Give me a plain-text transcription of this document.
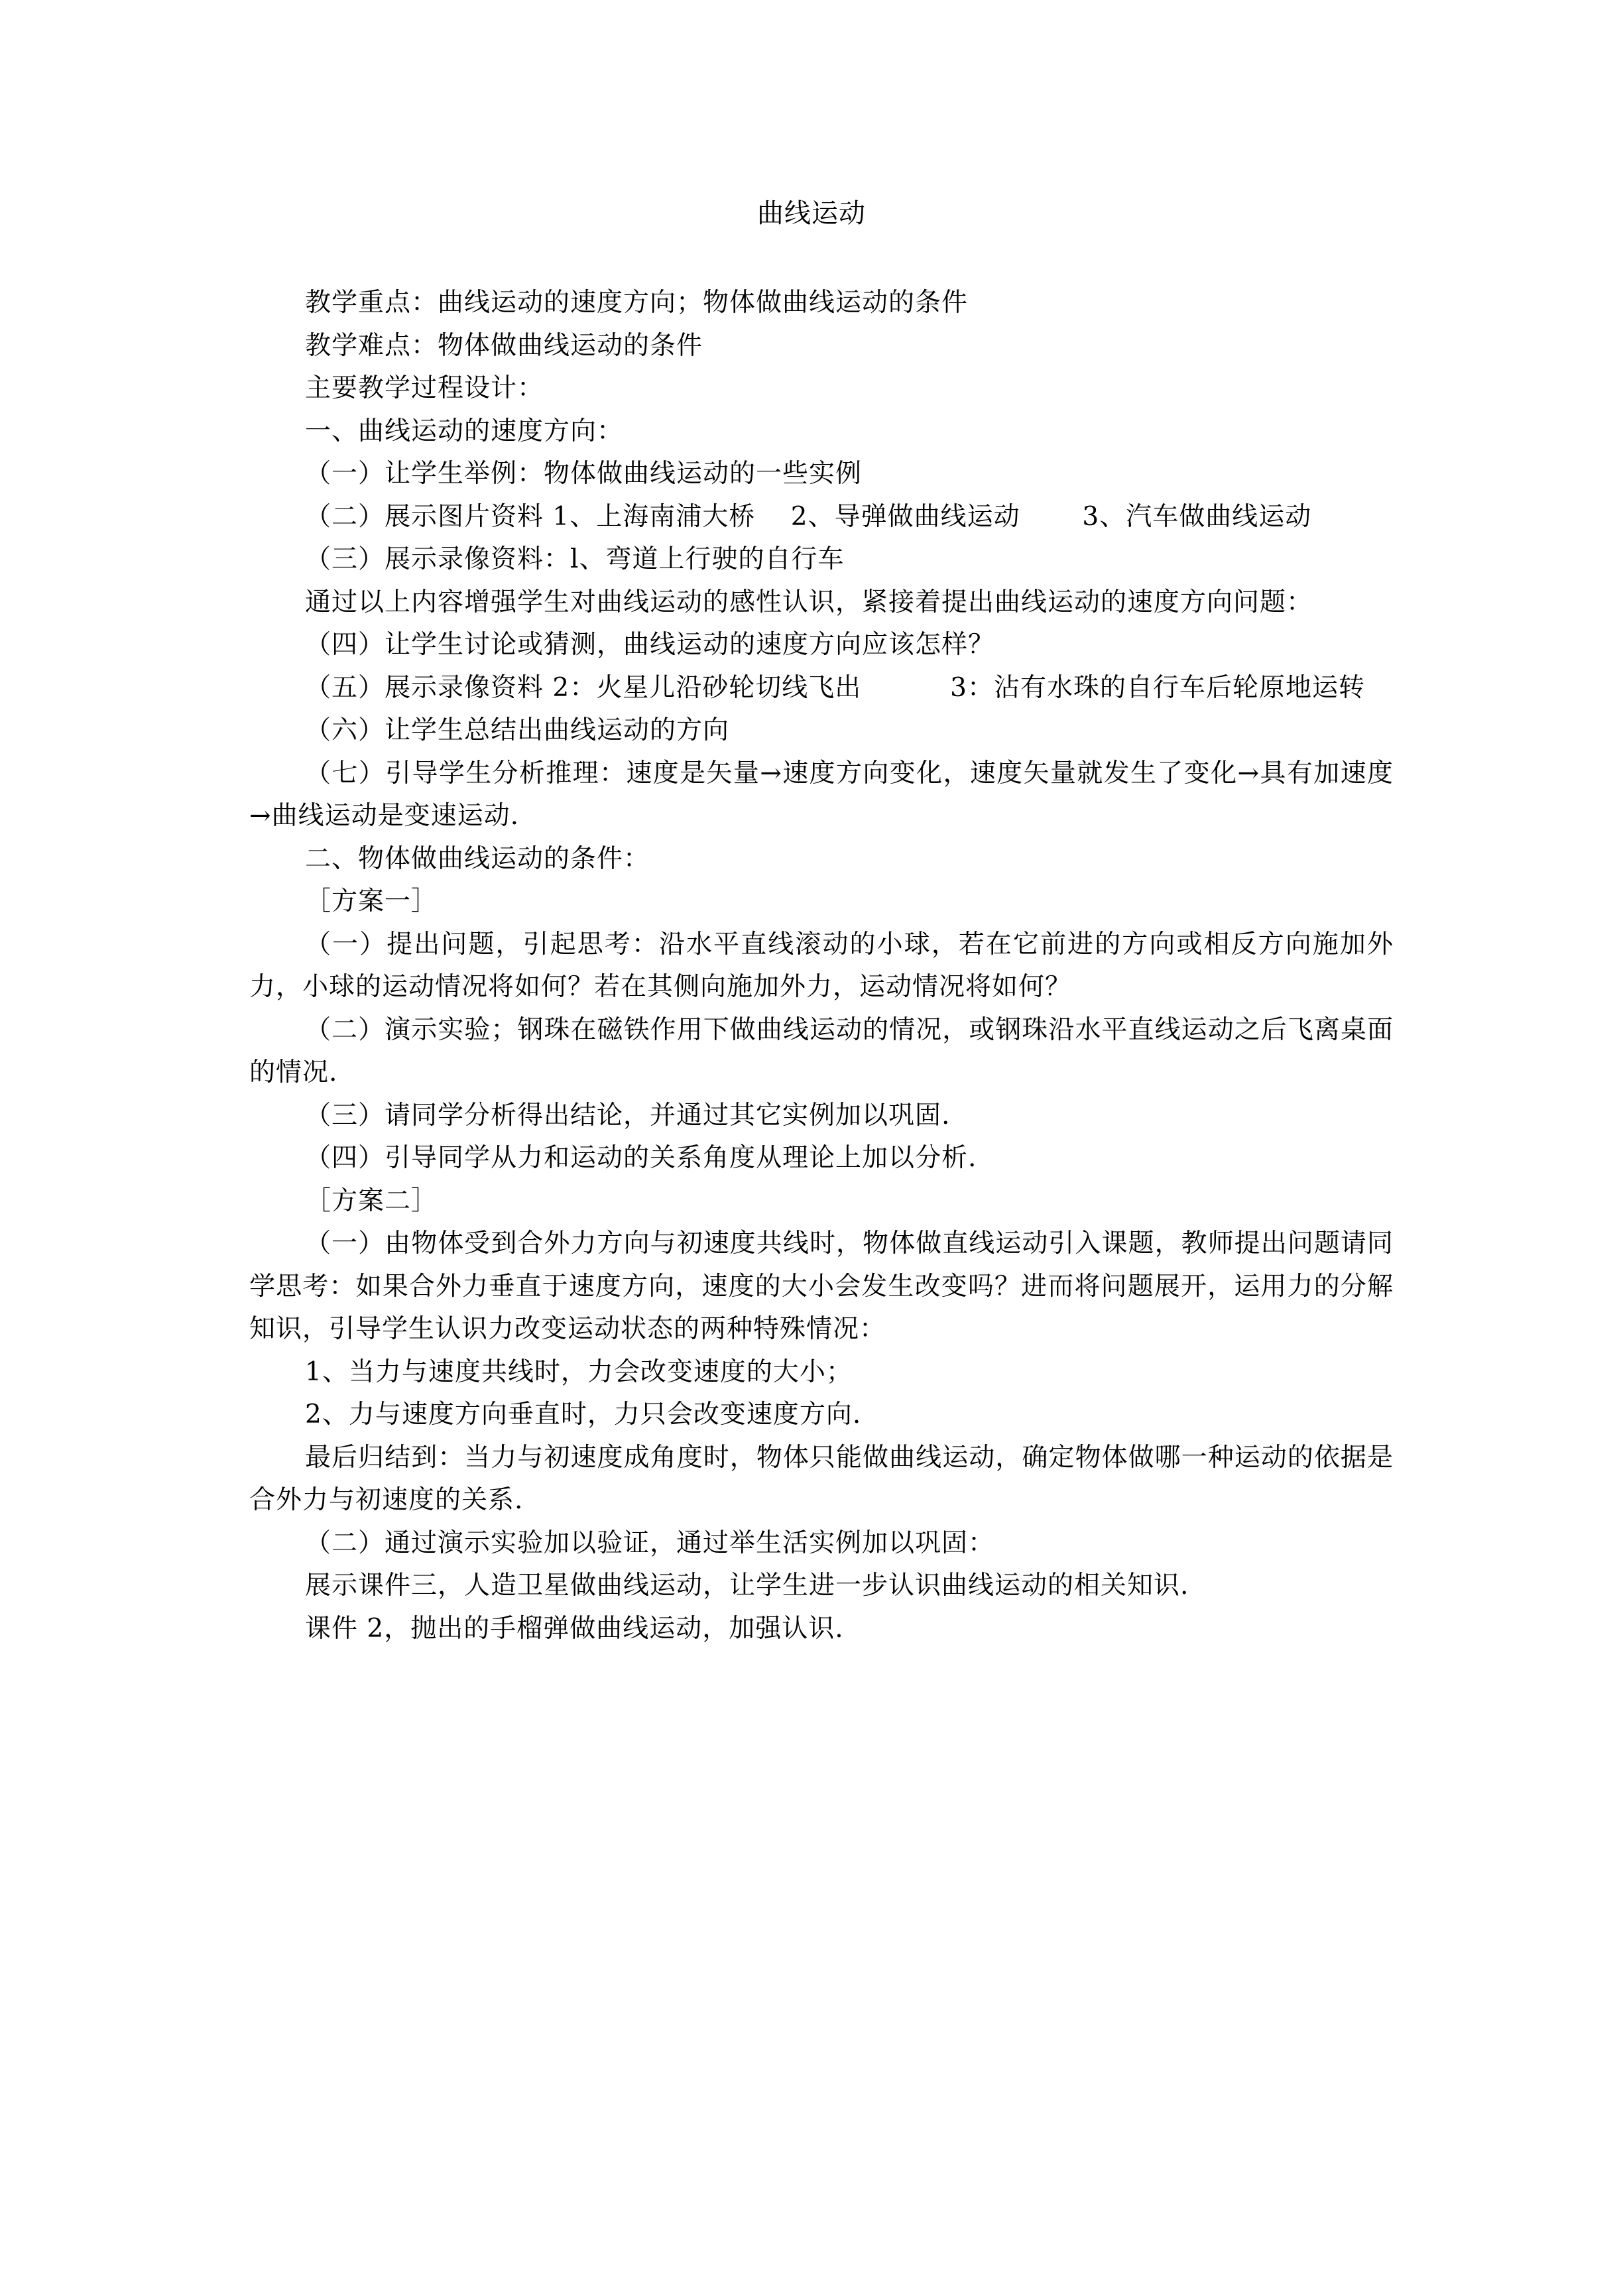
曲线运动

教学重点：曲线运动的速度方向；物体做曲线运动的条件

教学难点：物体做曲线运动的条件

主要教学过程设计：

一、曲线运动的速度方向：

（一）让学生举例：物体做曲线运动的一些实例

（二）展示图片资料 1、上海南浦大桥    2、导弹做曲线运动       3、汽车做曲线运动

（三）展示录像资料：l、弯道上行驶的自行车

通过以上内容增强学生对曲线运动的感性认识，紧接着提出曲线运动的速度方向问题：

（四）让学生讨论或猜测，曲线运动的速度方向应该怎样？

（五）展示录像资料 2：火星儿沿砂轮切线飞出          3：沾有水珠的自行车后轮原地运转

（六）让学生总结出曲线运动的方向

（七）引导学生分析推理：速度是矢量→速度方向变化，速度矢量就发生了变化→具有加速度→曲线运动是变速运动.

二、物体做曲线运动的条件：

［方案一］

（一）提出问题，引起思考：沿水平直线滚动的小球，若在它前进的方向或相反方向施加外力，小球的运动情况将如何？若在其侧向施加外力，运动情况将如何？

（二）演示实验；钢珠在磁铁作用下做曲线运动的情况，或钢珠沿水平直线运动之后飞离桌面的情况.

（三）请同学分析得出结论，并通过其它实例加以巩固.

（四）引导同学从力和运动的关系角度从理论上加以分析.

［方案二］

（一）由物体受到合外力方向与初速度共线时，物体做直线运动引入课题，教师提出问题请同学思考：如果合外力垂直于速度方向，速度的大小会发生改变吗？进而将问题展开，运用力的分解知识，引导学生认识力改变运动状态的两种特殊情况：

1、当力与速度共线时，力会改变速度的大小；

2、力与速度方向垂直时，力只会改变速度方向.

最后归结到：当力与初速度成角度时，物体只能做曲线运动，确定物体做哪一种运动的依据是合外力与初速度的关系.

（二）通过演示实验加以验证，通过举生活实例加以巩固：

展示课件三，人造卫星做曲线运动，让学生进一步认识曲线运动的相关知识.

课件 2，抛出的手榴弹做曲线运动，加强认识.
